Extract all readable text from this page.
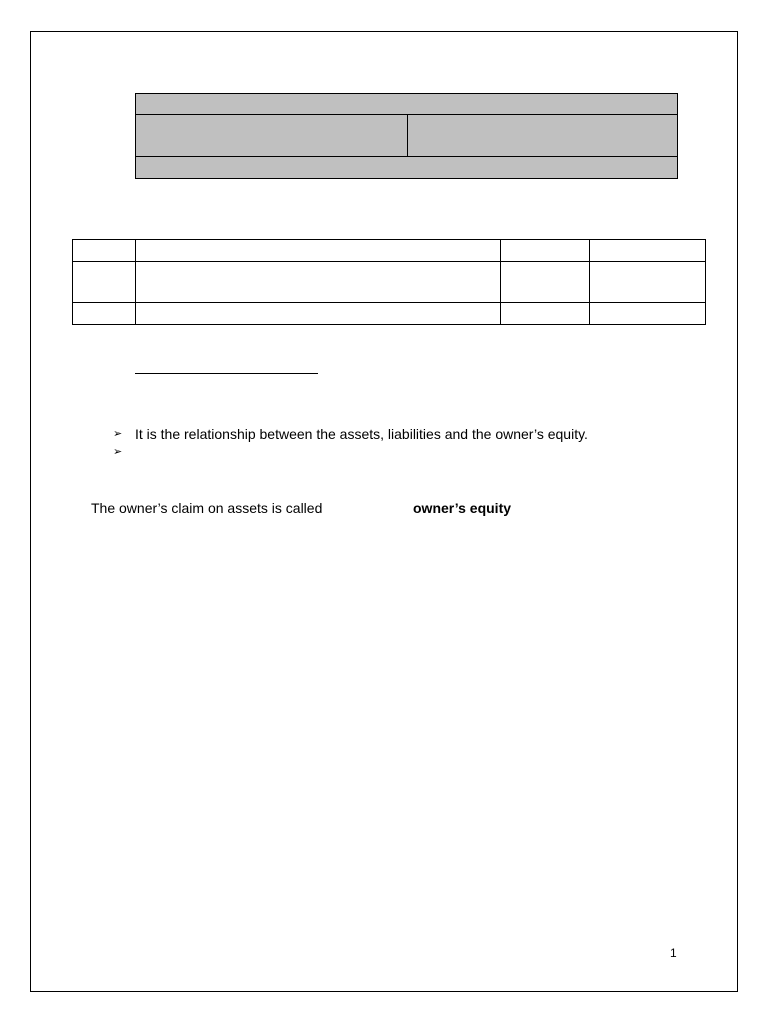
➢ It is the relationship between the assets, liabilities and the owner’s equity.
➢
The owner’s claim on assets is called	owner’s equity
1
